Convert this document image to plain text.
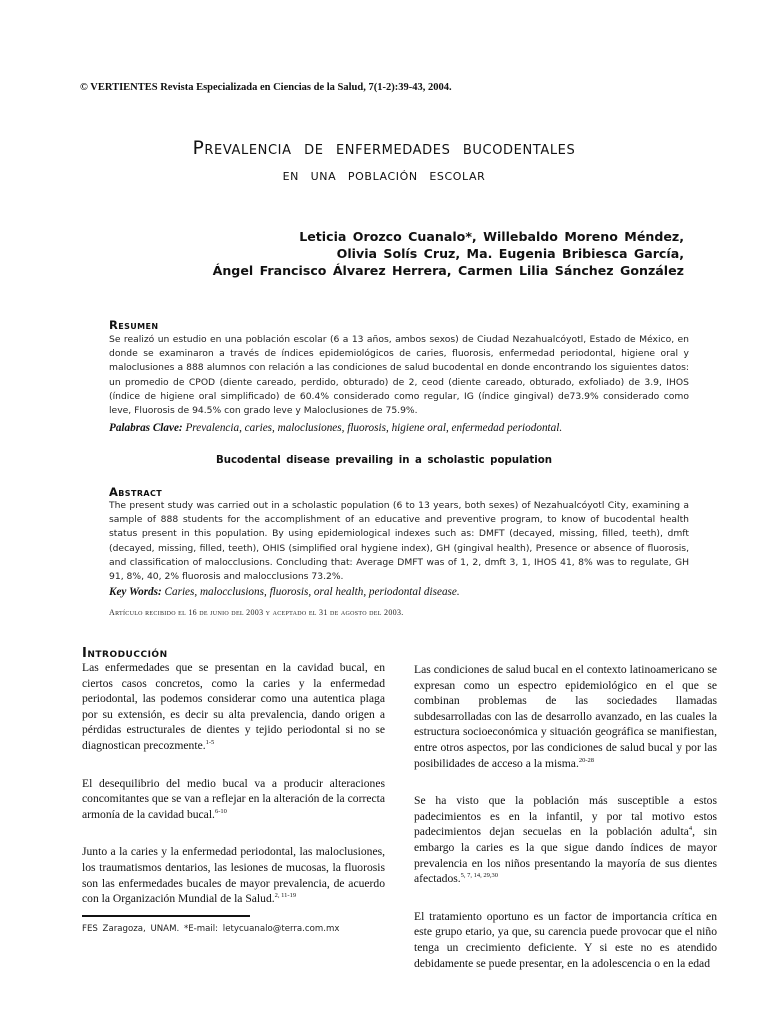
© VERTIENTES Revista Especializada en Ciencias de la Salud, 7(1-2):39-43, 2004.
Prevalencia de enfermedades bucodentales
en una población escolar
Leticia Orozco Cuanalo*, Willebaldo Moreno Méndez,
Olivia Solís Cruz, Ma. Eugenia Bribiesca García,
Ángel Francisco Álvarez Herrera, Carmen Lilia Sánchez González
Resumen
Se realizó un estudio en una población escolar (6 a 13 años, ambos sexos) de Ciudad Nezahualcóyotl, Estado de México, en donde se examinaron a través de índices epidemiológicos de caries, fluorosis, enfermedad periodontal, higiene oral y maloclusiones a 888 alumnos con relación a las condiciones de salud bucodental en donde encontrando los siguientes datos: un promedio de CPOD (diente careado, perdido, obturado) de 2, ceod (diente careado, obturado, exfoliado) de 3.9, IHOS (índice de higiene oral simplificado) de 60.4% considerado como regular, IG (índice gingival) de73.9% considerado como leve, Fluorosis de 94.5% con grado leve y Maloclusiones de 75.9%.
Palabras Clave: Prevalencia, caries, maloclusiones, fluorosis, higiene oral, enfermedad periodontal.
Bucodental disease prevailing in a scholastic population
Abstract
The present study was carried out in a scholastic population (6 to 13 years, both sexes) of Nezahualcóyotl City, examining a sample of 888 students for the accomplishment of an educative and preventive program, to know of bucodental health status present in this population. By using epidemiological indexes such as: DMFT (decayed, missing, filled, teeth), dmft (decayed, missing, filled, teeth), OHIS (simplified oral hygiene index), GH (gingival health), Presence or absence of fluorosis, and classification of malocclusions. Concluding that: Average DMFT was of 1, 2, dmft 3, 1, IHOS 41, 8% was to regulate, GH 91, 8%, 40, 2% fluorosis and malocclusions 73.2%.
Key Words: Caries, malocclusions, fluorosis, oral health, periodontal disease.
Artículo recibido el 16 de junio del 2003 y aceptado el 31 de agosto del 2003.
Introducción

Las enfermedades que se presentan en la cavidad bucal, en ciertos casos concretos, como la caries y la enfermedad periodontal, las podemos considerar como una autentica plaga por su extensión, es decir su alta prevalencia, dando origen a pérdidas estructurales de dientes y tejido periodontal si no se diagnostican precozmente.$^{1-5}$

El desequilibrio del medio bucal va a producir alteraciones concomitantes que se van a reflejar en la alteración de la correcta armonía de la cavidad bucal.$^{6-10}$

Junto a la caries y la enfermedad periodontal, las maloclusiones, los traumatismos dentarios, las lesiones de mucosas, la fluorosis son las enfermedades bucales de mayor prevalencia, de acuerdo con la Organización Mundial de la Salud.$^{2, 11-19}$

Las condiciones de salud bucal en el contexto latinoamericano se expresan como un espectro epidemiológico en el que se combinan problemas de las sociedades llamadas subdesarrolladas con las de desarrollo avanzado, en las cuales la estructura socioeconómica y situación geográfica se manifiestan, entre otros aspectos, por las condiciones de salud bucal y por las posibilidades de acceso a la misma.$^{20-28}$

Se ha visto que la población más susceptible a estos padecimientos es en la infantil, y por tal motivo estos padecimientos dejan secuelas en la población adulta$^4$, sin embargo la caries es la que sigue dando índices de mayor prevalencia en los niños presentando la mayoría de sus dientes afectados.$^{5, 7, 14, 29,30}$

El tratamiento oportuno es un factor de importancia crítica en este grupo etario, ya que, su carencia puede provocar que el niño tenga un crecimiento deficiente. Y si este no es atendido debidamente se puede presentar, en la adolescencia o en la edad

FES Zaragoza, UNAM. *E-mail: letycuanalo@terra.com.mx
